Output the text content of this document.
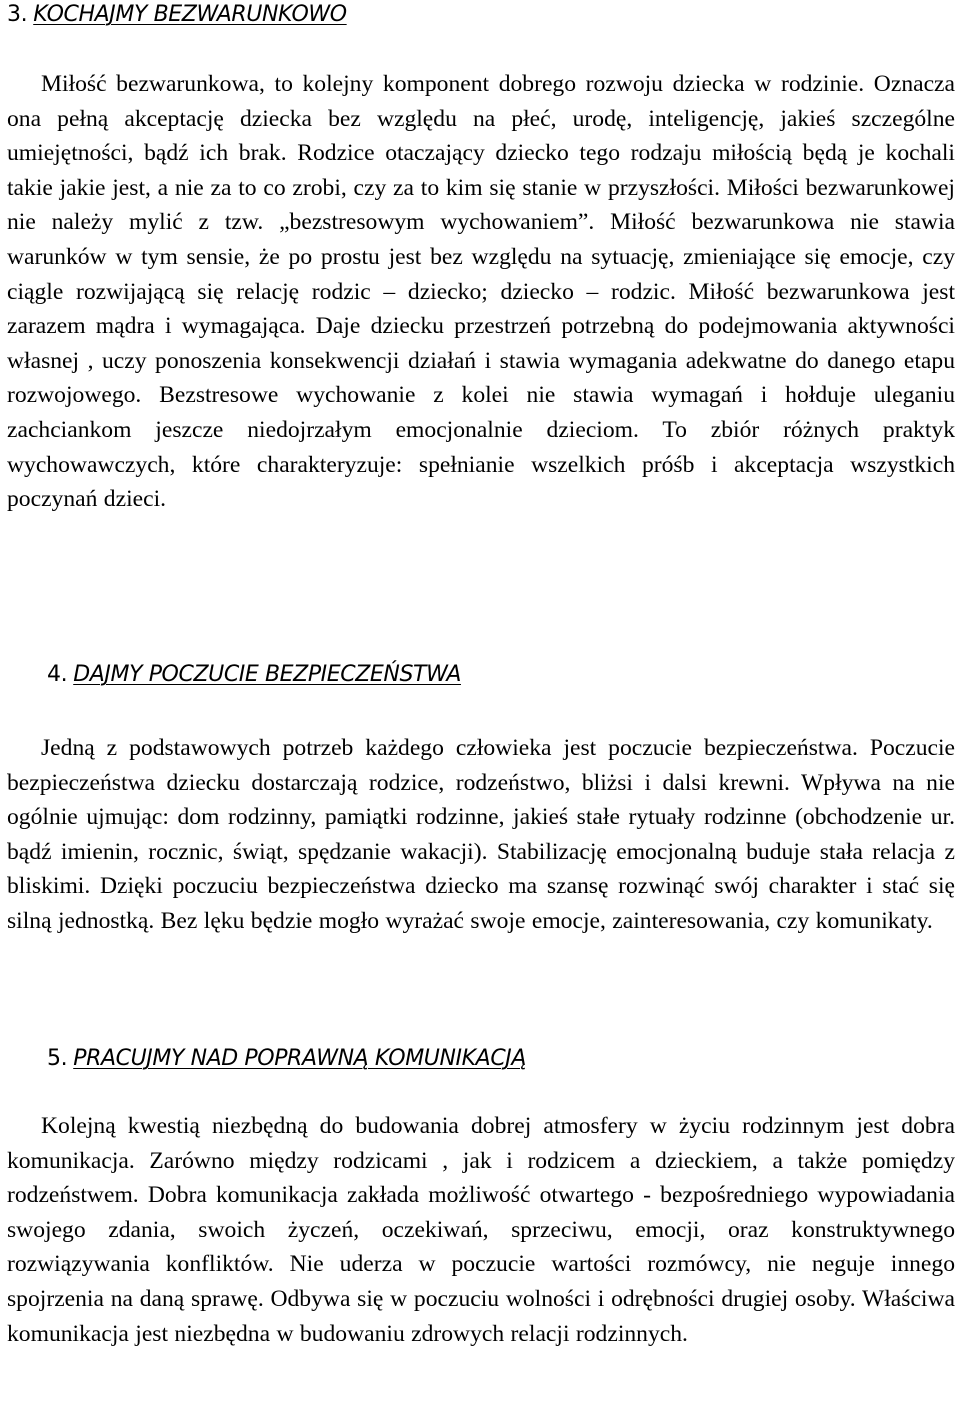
3. KOCHAJMY BEZWARUNKOWO

Miłość bezwarunkowa, to kolejny komponent dobrego rozwoju dziecka w rodzinie. Oznacza ona pełną akceptację dziecka bez względu na płeć, urodę, inteligencję, jakieś szczególne umiejętności, bądź ich brak. Rodzice otaczający dziecko tego rodzaju miłością będą je kochali takie jakie jest, a nie za to co zrobi, czy za to kim się stanie w przyszłości. Miłości bezwarunkowej nie należy mylić z tzw. „bezstresowym wychowaniem”. Miłość bezwarunkowa nie stawia warunków w tym sensie, że po prostu jest bez względu na sytuację, zmieniające się emocje, czy ciągle rozwijającą się relację rodzic – dziecko; dziecko – rodzic. Miłość bezwarunkowa jest zarazem mądra i wymagająca. Daje dziecku przestrzeń potrzebną do podejmowania aktywności własnej , uczy ponoszenia konsekwencji działań i stawia wymagania adekwatne do danego etapu rozwojowego. Bezstresowe wychowanie z kolei nie stawia wymagań i hołduje uleganiu zachciankom jeszcze niedojrzałym emocjonalnie dzieciom. To zbiór różnych praktyk wychowawczych, które charakteryzuje: spełnianie wszelkich próśb i akceptacja wszystkich poczynań dzieci.

4. DAJMY POCZUCIE BEZPIECZEŃSTWA

Jedną z podstawowych potrzeb każdego człowieka jest poczucie bezpieczeństwa. Poczucie bezpieczeństwa dziecku dostarczają rodzice, rodzeństwo, bliżsi i dalsi krewni. Wpływa na nie ogólnie ujmując: dom rodzinny, pamiątki rodzinne, jakieś stałe rytuały rodzinne (obchodzenie ur. bądź imienin, rocznic, świąt, spędzanie wakacji). Stabilizację emocjonalną buduje stała relacja z bliskimi. Dzięki poczuciu bezpieczeństwa dziecko ma szansę rozwinąć swój charakter i stać się silną jednostką. Bez lęku będzie mogło wyrażać swoje emocje, zainteresowania, czy komunikaty.

5. PRACUJMY NAD POPRAWNĄ KOMUNIKACJĄ

Kolejną kwestią niezbędną do budowania dobrej atmosfery w życiu rodzinnym jest dobra komunikacja. Zarówno między rodzicami , jak i rodzicem a dzieckiem, a także pomiędzy rodzeństwem. Dobra komunikacja zakłada możliwość otwartego - bezpośredniego wypowiadania swojego zdania, swoich życzeń, oczekiwań, sprzeciwu, emocji, oraz konstruktywnego rozwiązywania konfliktów. Nie uderza w poczucie wartości rozmówcy, nie neguje innego spojrzenia na daną sprawę. Odbywa się w poczuciu wolności i odrębności drugiej osoby. Właściwa komunikacja jest niezbędna w budowaniu zdrowych relacji rodzinnych.
